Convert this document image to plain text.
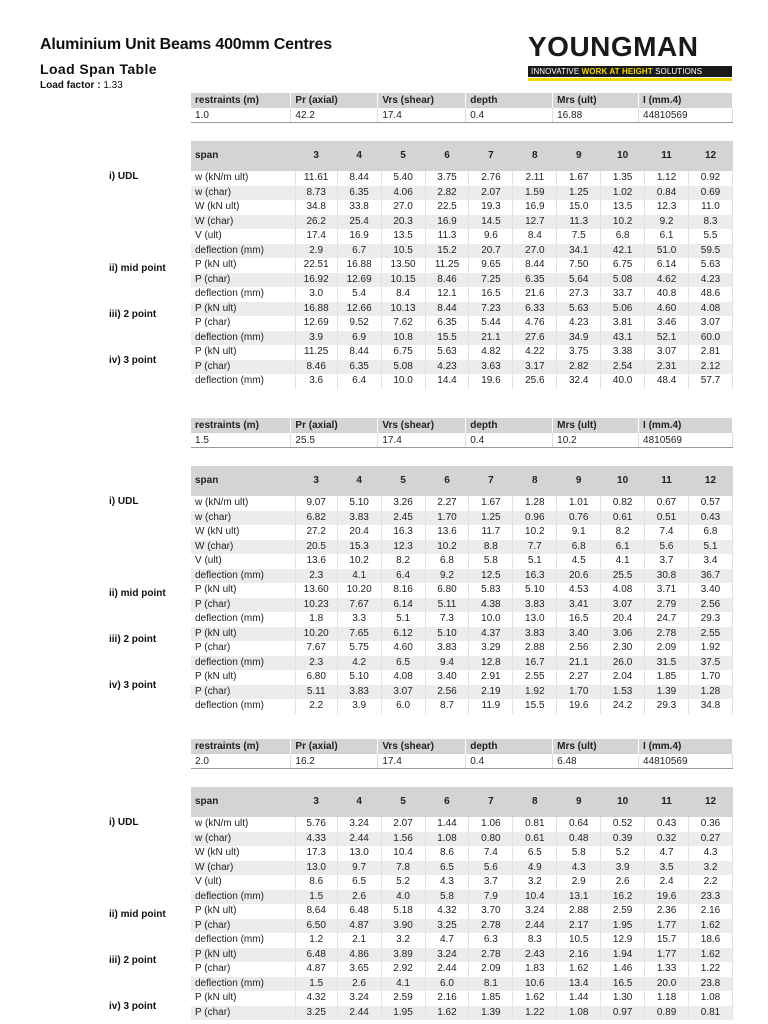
Aluminium Unit Beams 400mm Centres
Load Span Table
Load factor : 1.33
YOUNGMAN
INNOVATIVE WORK AT HEIGHT SOLUTIONS
restraints (m)	Pr (axial)	Vrs (shear)	depth	Mrs (ult)	I (mm.4)
1.0	42.2	17.4	0.4	16.88	44810569
span	3	4	5	6	7	8	9	10	11	12
w (kN/m ult)	11.61	8.44	5.40	3.75	2.76	2.11	1.67	1.35	1.12	0.92
w (char)	8.73	6.35	4.06	2.82	2.07	1.59	1.25	1.02	0.84	0.69
W (kN ult)	34.8	33.8	27.0	22.5	19.3	16.9	15.0	13.5	12.3	11.0
W (char)	26.2	25.4	20.3	16.9	14.5	12.7	11.3	10.2	9.2	8.3
V (ult)	17.4	16.9	13.5	11.3	9.6	8.4	7.5	6.8	6.1	5.5
deflection (mm)	2.9	6.7	10.5	15.2	20.7	27.0	34.1	42.1	51.0	59.5
P (kN ult)	22.51	16.88	13.50	11.25	9.65	8.44	7.50	6.75	6.14	5.63
P (char)	16.92	12.69	10.15	8.46	7.25	6.35	5.64	5.08	4.62	4.23
deflection (mm)	3.0	5.4	8.4	12.1	16.5	21.6	27.3	33.7	40.8	48.6
P (kN ult)	16.88	12.66	10.13	8.44	7.23	6.33	5.63	5.06	4.60	4.08
P (char)	12.69	9.52	7.62	6.35	5.44	4.76	4.23	3.81	3.46	3.07
deflection (mm)	3.9	6.9	10.8	15.5	21.1	27.6	34.9	43.1	52.1	60.0
P (kN ult)	11.25	8.44	6.75	5.63	4.82	4.22	3.75	3.38	3.07	2.81
P (char)	8.46	6.35	5.08	4.23	3.63	3.17	2.82	2.54	2.31	2.12
deflection (mm)	3.6	6.4	10.0	14.4	19.6	25.6	32.4	40.0	48.4	57.7
i) UDL
ii) mid point
iii) 2 point
iv) 3 point
restraints (m)	Pr (axial)	Vrs (shear)	depth	Mrs (ult)	I (mm.4)
1.5	25.5	17.4	0.4	10.2	4810569
span	3	4	5	6	7	8	9	10	11	12
w (kN/m ult)	9.07	5.10	3.26	2.27	1.67	1.28	1.01	0.82	0.67	0.57
w (char)	6.82	3.83	2.45	1.70	1.25	0.96	0.76	0.61	0.51	0.43
W (kN ult)	27.2	20.4	16.3	13.6	11.7	10.2	9.1	8.2	7.4	6.8
W (char)	20.5	15.3	12.3	10.2	8.8	7.7	6.8	6.1	5.6	5.1
V (ult)	13.6	10.2	8.2	6.8	5.8	5.1	4.5	4.1	3.7	3.4
deflection (mm)	2.3	4.1	6.4	9.2	12.5	16.3	20.6	25.5	30.8	36.7
P (kN ult)	13.60	10.20	8.16	6.80	5.83	5.10	4.53	4.08	3.71	3.40
P (char)	10.23	7.67	6.14	5.11	4.38	3.83	3.41	3.07	2.79	2.56
deflection (mm)	1.8	3.3	5.1	7.3	10.0	13.0	16.5	20.4	24.7	29.3
P (kN ult)	10.20	7.65	6.12	5.10	4.37	3.83	3.40	3.06	2.78	2.55
P (char)	7.67	5.75	4.60	3.83	3.29	2.88	2.56	2.30	2.09	1.92
deflection (mm)	2.3	4.2	6.5	9.4	12.8	16.7	21.1	26.0	31.5	37.5
P (kN ult)	6.80	5.10	4.08	3.40	2.91	2.55	2.27	2.04	1.85	1.70
P (char)	5.11	3.83	3.07	2.56	2.19	1.92	1.70	1.53	1.39	1.28
deflection (mm)	2.2	3.9	6.0	8.7	11.9	15.5	19.6	24.2	29.3	34.8
i) UDL
ii) mid point
iii) 2 point
iv) 3 point
restraints (m)	Pr (axial)	Vrs (shear)	depth	Mrs (ult)	I (mm.4)
2.0	16.2	17.4	0.4	6.48	44810569
span	3	4	5	6	7	8	9	10	11	12
w (kN/m ult)	5.76	3.24	2.07	1.44	1.06	0.81	0.64	0.52	0.43	0.36
w (char)	4.33	2.44	1.56	1.08	0.80	0.61	0.48	0.39	0.32	0.27
W (kN ult)	17.3	13.0	10.4	8.6	7.4	6.5	5.8	5.2	4.7	4.3
W (char)	13.0	9.7	7.8	6.5	5.6	4.9	4.3	3.9	3.5	3.2
V (ult)	8.6	6.5	5.2	4.3	3.7	3.2	2.9	2.6	2.4	2.2
deflection (mm)	1.5	2.6	4.0	5.8	7.9	10.4	13.1	16.2	19.6	23.3
P (kN ult)	8.64	6.48	5.18	4.32	3.70	3.24	2.88	2.59	2.36	2.16
P (char)	6.50	4.87	3.90	3.25	2.78	2.44	2.17	1.95	1.77	1.62
deflection (mm)	1.2	2.1	3.2	4.7	6.3	8.3	10.5	12.9	15.7	18.6
P (kN ult)	6.48	4.86	3.89	3.24	2.78	2.43	2.16	1.94	1.77	1.62
P (char)	4.87	3.65	2.92	2.44	2.09	1.83	1.62	1.46	1.33	1.22
deflection (mm)	1.5	2.6	4.1	6.0	8.1	10.6	13.4	16.5	20.0	23.8
P (kN ult)	4.32	3.24	2.59	2.16	1.85	1.62	1.44	1.30	1.18	1.08
P (char)	3.25	2.44	1.95	1.62	1.39	1.22	1.08	0.97	0.89	0.81
i) UDL
ii) mid point
iii) 2 point
iv) 3 point
